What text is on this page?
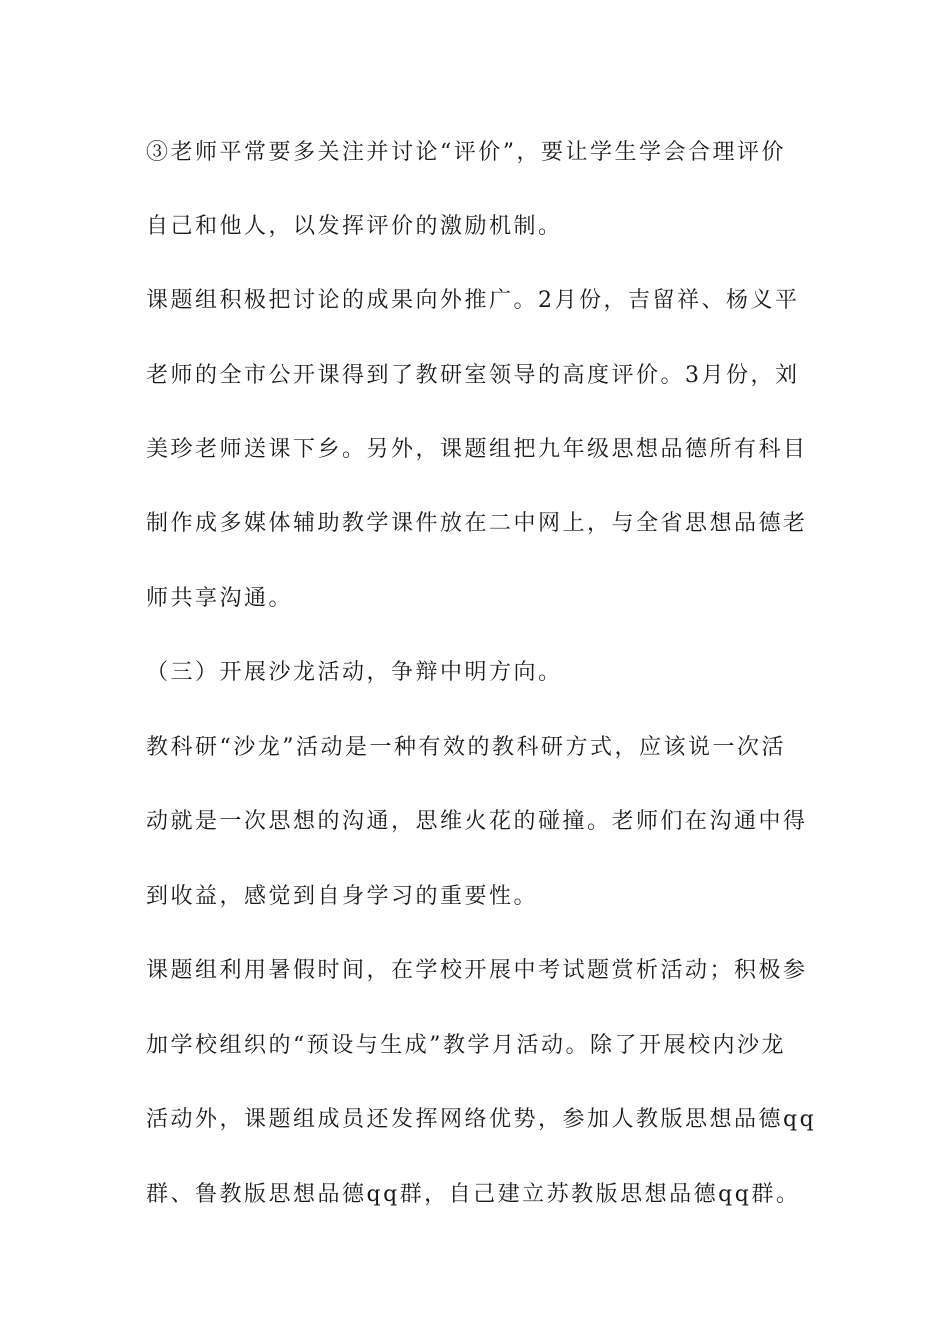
③老师平常要多关注并讨论“评价”，要让学生学会合理评价
自己和他人，以发挥评价的激励机制。
课题组积极把讨论的成果向外推广。2月份，吉留祥、杨义平
老师的全市公开课得到了教研室领导的高度评价。3月份，刘
美珍老师送课下乡。另外，课题组把九年级思想品德所有科目
制作成多媒体辅助教学课件放在二中网上，与全省思想品德老
师共享沟通。
（三）开展沙龙活动，争辩中明方向。
教科研“沙龙”活动是一种有效的教科研方式，应该说一次活
动就是一次思想的沟通，思维火花的碰撞。老师们在沟通中得
到收益，感觉到自身学习的重要性。
课题组利用暑假时间，在学校开展中考试题赏析活动；积极参
加学校组织的“预设与生成”教学月活动。除了开展校内沙龙
活动外，课题组成员还发挥网络优势，参加人教版思想品德qq
群、鲁教版思想品德qq群，自己建立苏教版思想品德qq群。
